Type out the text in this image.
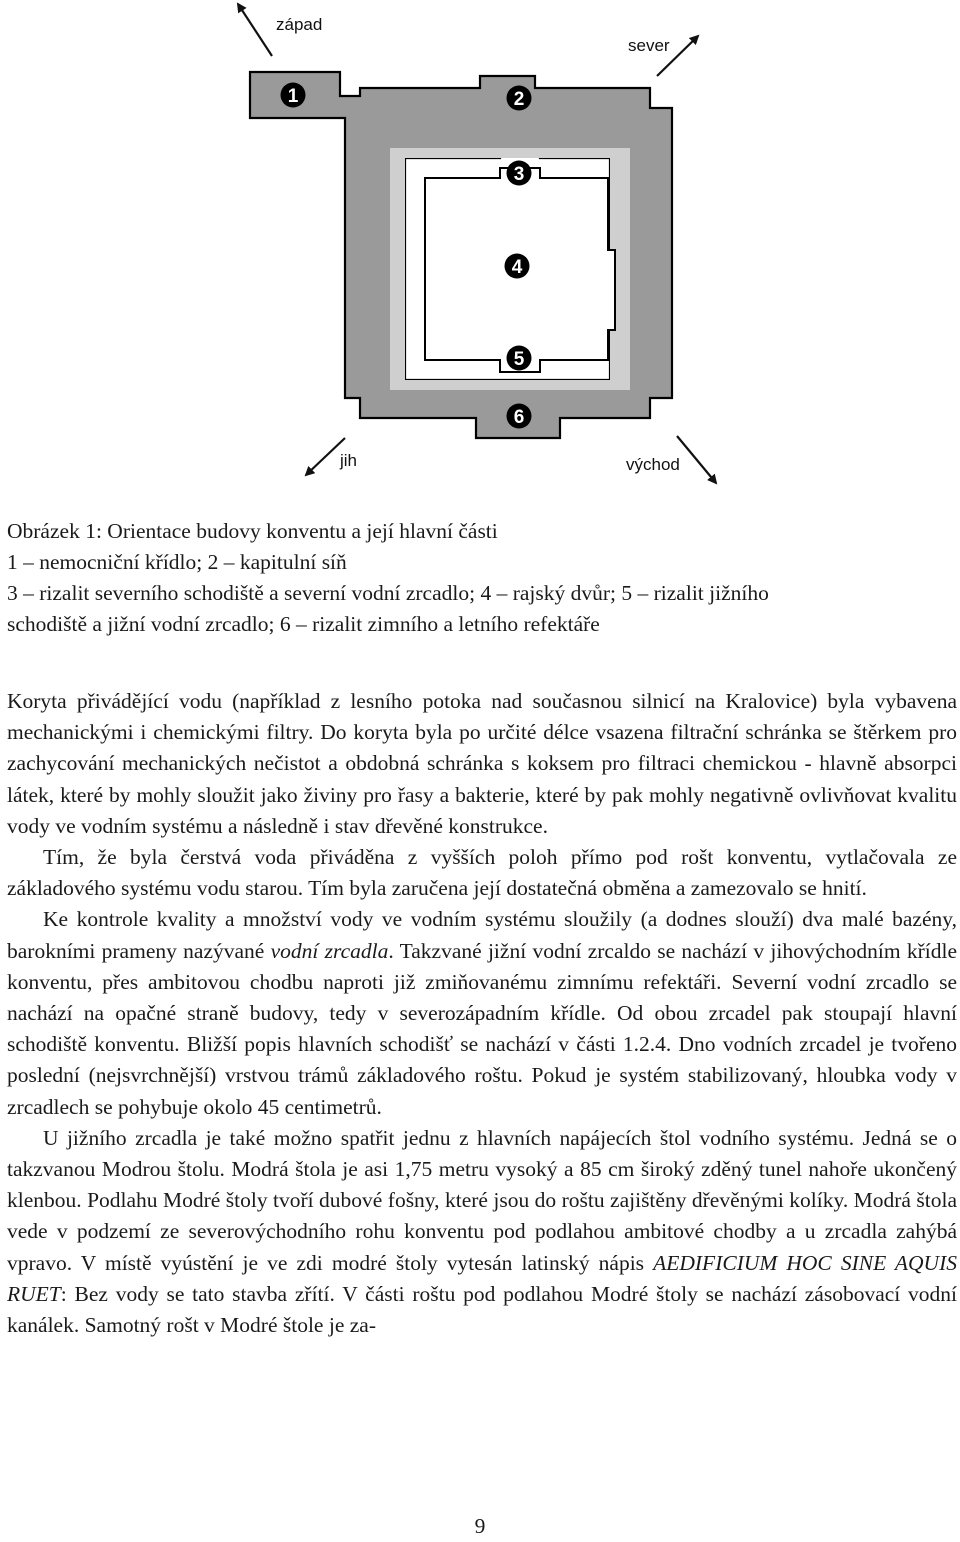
západ
sever
jih	východ
1	2
3
4
5
6
Obrázek 1: Orientace budovy konventu a její hlavní části
1 – nemocniční křídlo; 2 – kapitulní síň
3 – rizalit severního schodiště a severní vodní zrcadlo; 4 – rajský dvůr; 5 – rizalit jižního
schodiště a jižní vodní zrcadlo; 6 – rizalit zimního a letního refektáře

Koryta přivádějící vodu (například z lesního potoka nad současnou silnicí na Kralovice) byla vybavena mechanickými i chemickými filtry. Do koryta byla po určité délce vsazena filtrační schránka se štěrkem pro zachycování mechanických nečistot a obdobná schránka s koksem pro filtraci chemickou - hlavně absorpci látek, které by mohly sloužit jako živiny pro řasy a bakterie, které by pak mohly negativně ovlivňovat kvalitu vody ve vodním systému a následně i stav dřevěné konstrukce.

Tím, že byla čerstvá voda přiváděna z vyšších poloh přímo pod rošt konventu, vytlačovala ze základového systému vodu starou. Tím byla zaručena její dostatečná obměna a zamezovalo se hnití.

Ke kontrole kvality a množství vody ve vodním systému sloužily (a dodnes slouží) dva malé bazény, barokními prameny nazývané vodní zrcadla. Takzvané jižní vodní zrcaldo se nachází v jihovýchodním křídle konventu, přes ambitovou chodbu naproti již zmiňovanému zimnímu refektáři. Severní vodní zrcadlo se nachází na opačné straně budovy, tedy v severozápadním křídle. Od obou zrcadel pak stoupají hlavní schodiště konventu. Bližší popis hlavních schodišť se nachází v části 1.2.4. Dno vodních zrcadel je tvořeno poslední (nejsvrchnější) vrstvou trámů základového roštu. Pokud je systém stabilizovaný, hloubka vody v zrcadlech se pohybuje okolo 45 centimetrů.

U jižního zrcadla je také možno spatřit jednu z hlavních napájecích štol vodního systému. Jedná se o takzvanou Modrou štolu. Modrá štola je asi 1,75 metru vysoký a 85 cm široký zděný tunel nahoře ukončený klenbou. Podlahu Modré štoly tvoří dubové fošny, které jsou do roštu zajištěny dřevěnými kolíky. Modrá štola vede v podzemí ze severovýchodního rohu konventu pod podlahou ambitové chodby a u zrcadla zahýbá vpravo. V místě vyústění je ve zdi modré štoly vytesán latinský nápis AEDIFICIUM HOC SINE AQUIS RUET: Bez vody se tato stavba zřítí. V části roštu pod podlahou Modré štoly se nachází zásobovací vodní kanálek. Samotný rošt v Modré štole je za-

9
